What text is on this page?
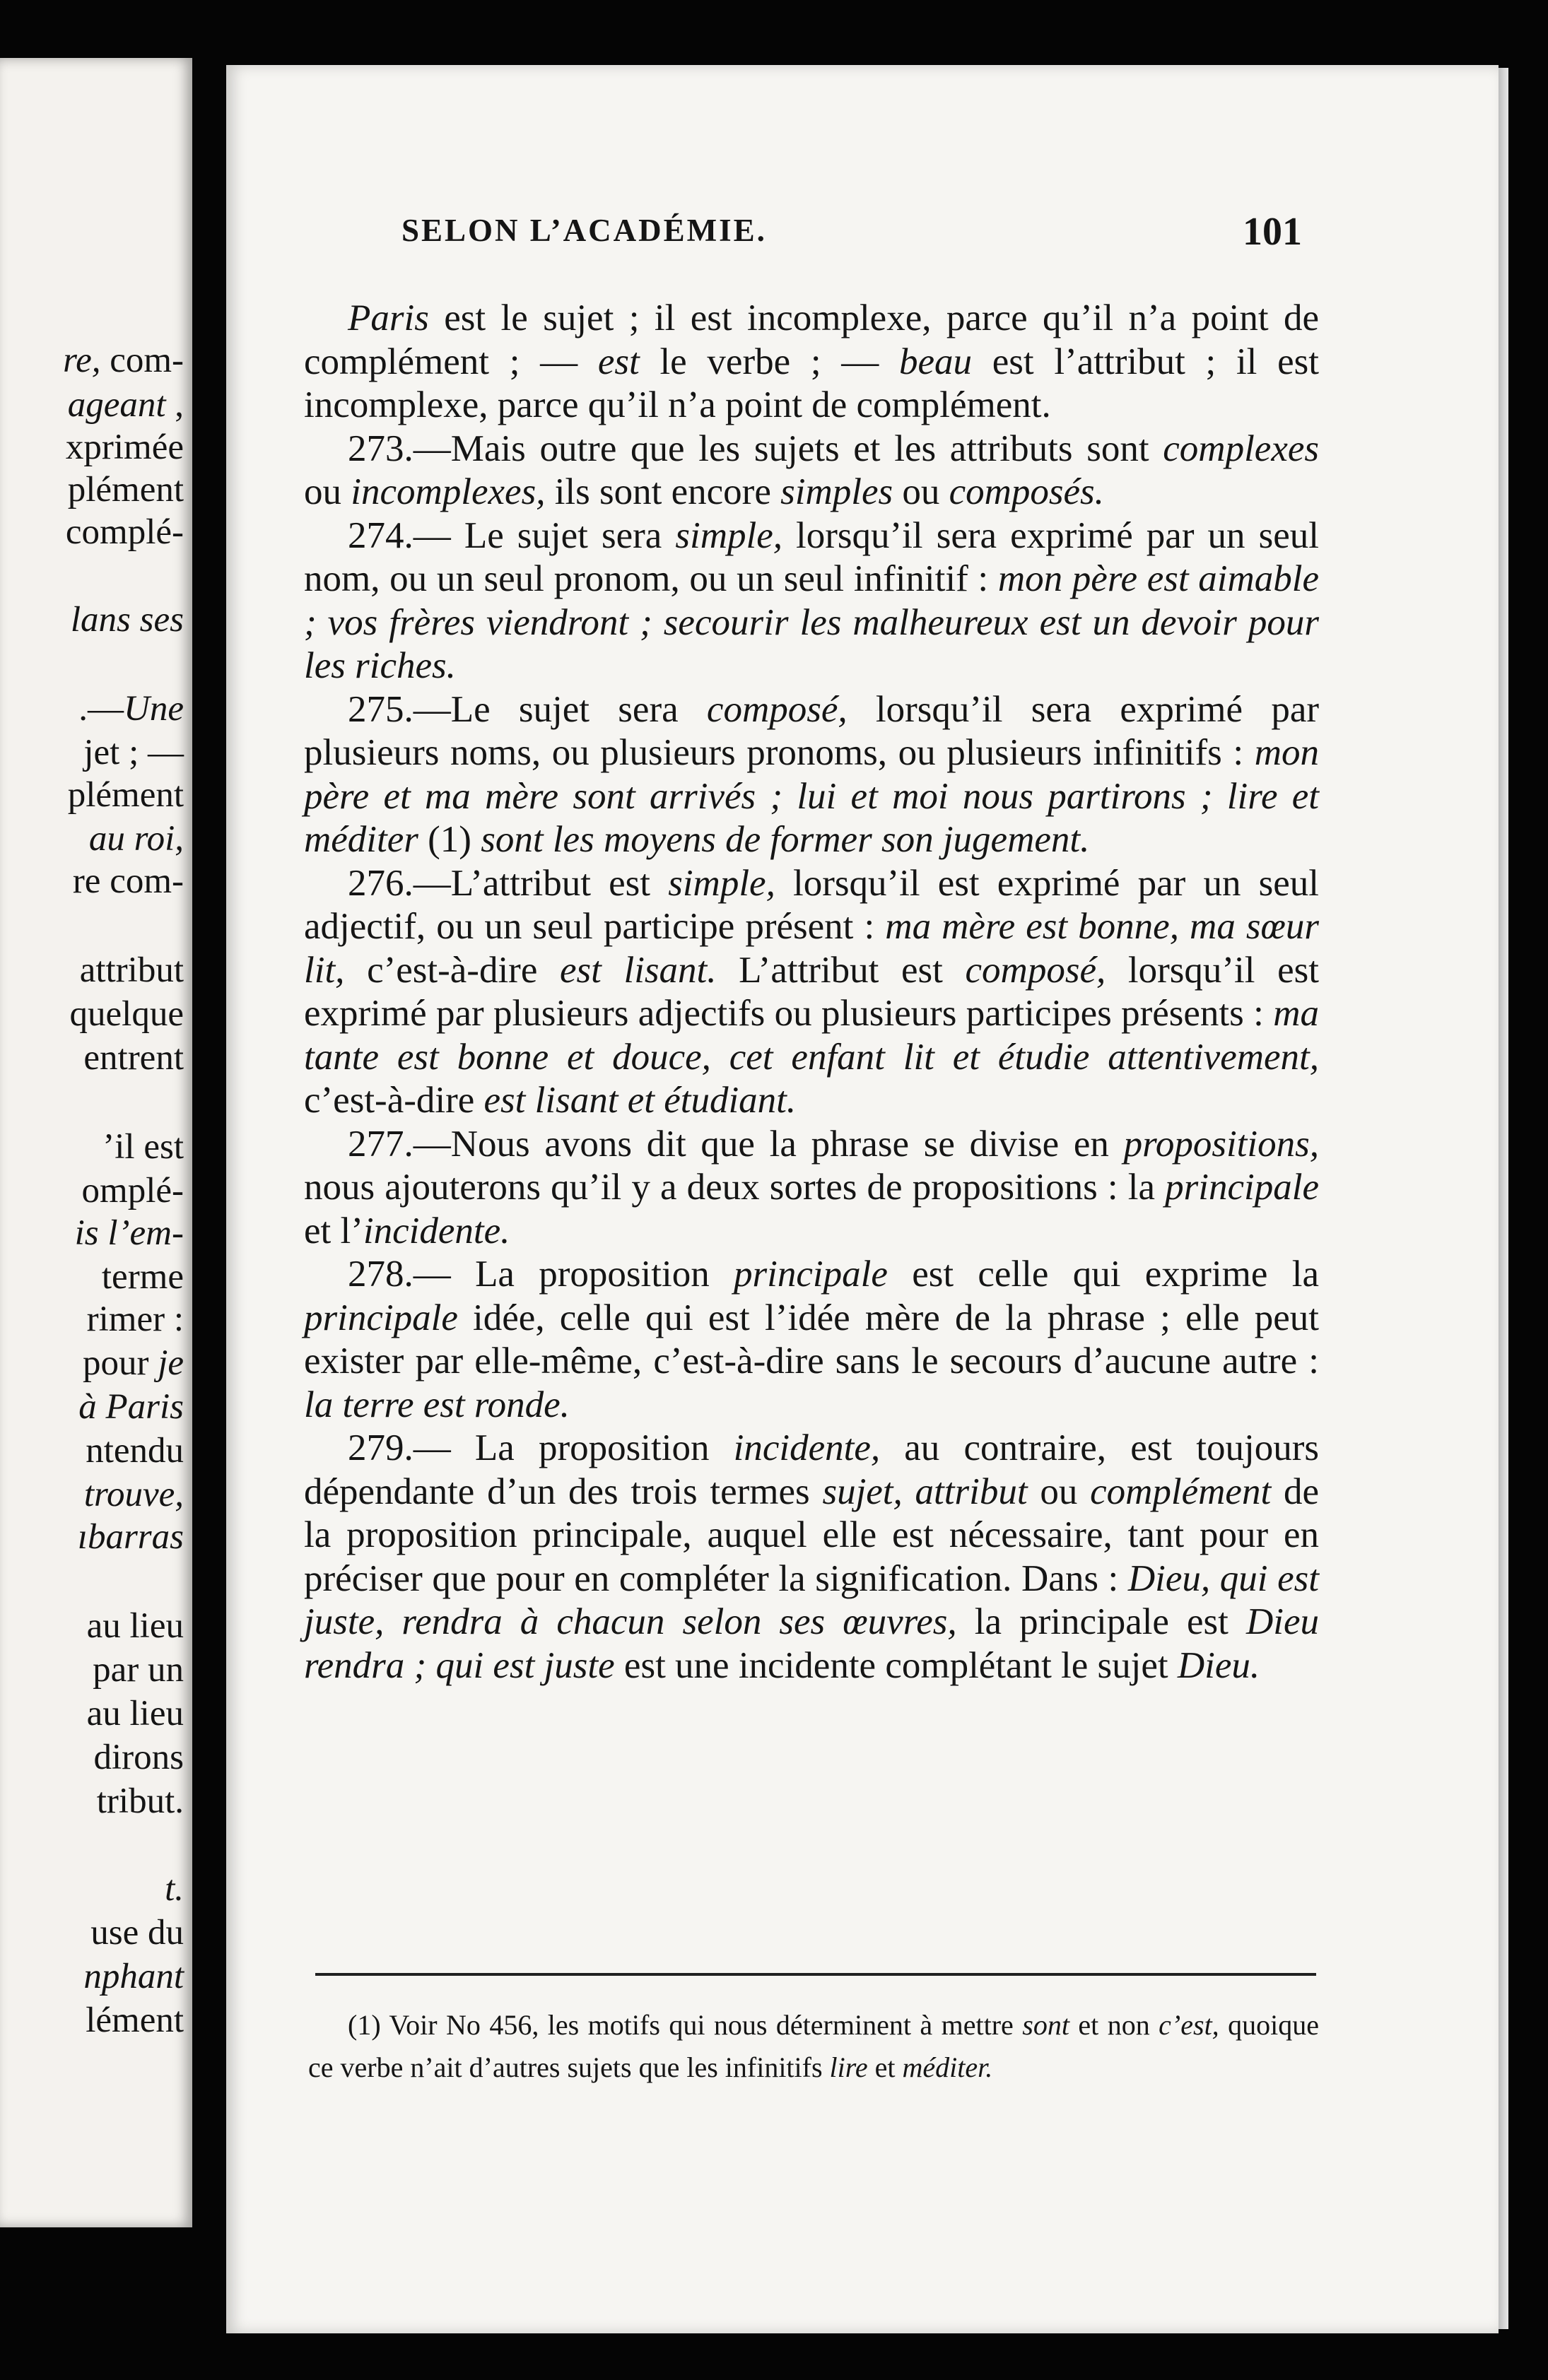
re, com-
ageant ,
xprimée
plément
complé-
lans ses
.—Une
jet ; —
plément
au roi,
re com-
attribut
quelque
entrent
’il est
omplé-
is l’em-
terme
rimer :
pour je
à Paris
ntendu
trouve,
ıbarras
au lieu
par un
au lieu
dirons
tribut.
t.
use du
nphant
lément
SELON L’ACADÉMIE.	101

Paris est le sujet ; il est incomplexe, parce qu’il n’a point de complément ; — est le verbe ; — beau est l’attribut ; il est incomplexe, parce qu’il n’a point de complément.

273.—Mais outre que les sujets et les attributs sont complexes ou incomplexes, ils sont encore simples ou composés.

274.— Le sujet sera simple, lorsqu’il sera exprimé par un seul nom, ou un seul pronom, ou un seul infinitif : mon père est aimable ; vos frères viendront ; secourir les malheureux est un devoir pour les riches.

275.—Le sujet sera composé, lorsqu’il sera exprimé par plusieurs noms, ou plusieurs pronoms, ou plusieurs infinitifs : mon père et ma mère sont arrivés ; lui et moi nous partirons ; lire et méditer (1) sont les moyens de former son jugement.

276.—L’attribut est simple, lorsqu’il est exprimé par un seul adjectif, ou un seul participe présent : ma mère est bonne, ma sœur lit, c’est-à-dire est lisant. L’attribut est composé, lorsqu’il est exprimé par plusieurs adjectifs ou plusieurs participes présents : ma tante est bonne et douce, cet enfant lit et étudie attentivement, c’est-à-dire est lisant et étudiant.

277.—Nous avons dit que la phrase se divise en propositions, nous ajouterons qu’il y a deux sortes de propositions : la principale et l’incidente.

278.— La proposition principale est celle qui exprime la principale idée, celle qui est l’idée mère de la phrase ; elle peut exister par elle-même, c’est-à-dire sans le secours d’aucune autre : la terre est ronde.

279.— La proposition incidente, au contraire, est toujours dépendante d’un des trois termes sujet, attribut ou complément de la proposition principale, auquel elle est nécessaire, tant pour en préciser que pour en compléter la signification. Dans : Dieu, qui est juste, rendra à chacun selon ses œuvres, la principale est Dieu rendra ; qui est juste est une incidente complétant le sujet Dieu.

(1) Voir No 456, les motifs qui nous déterminent à mettre sont et non c’est, quoique ce verbe n’ait d’autres sujets que les infinitifs lire et méditer.
